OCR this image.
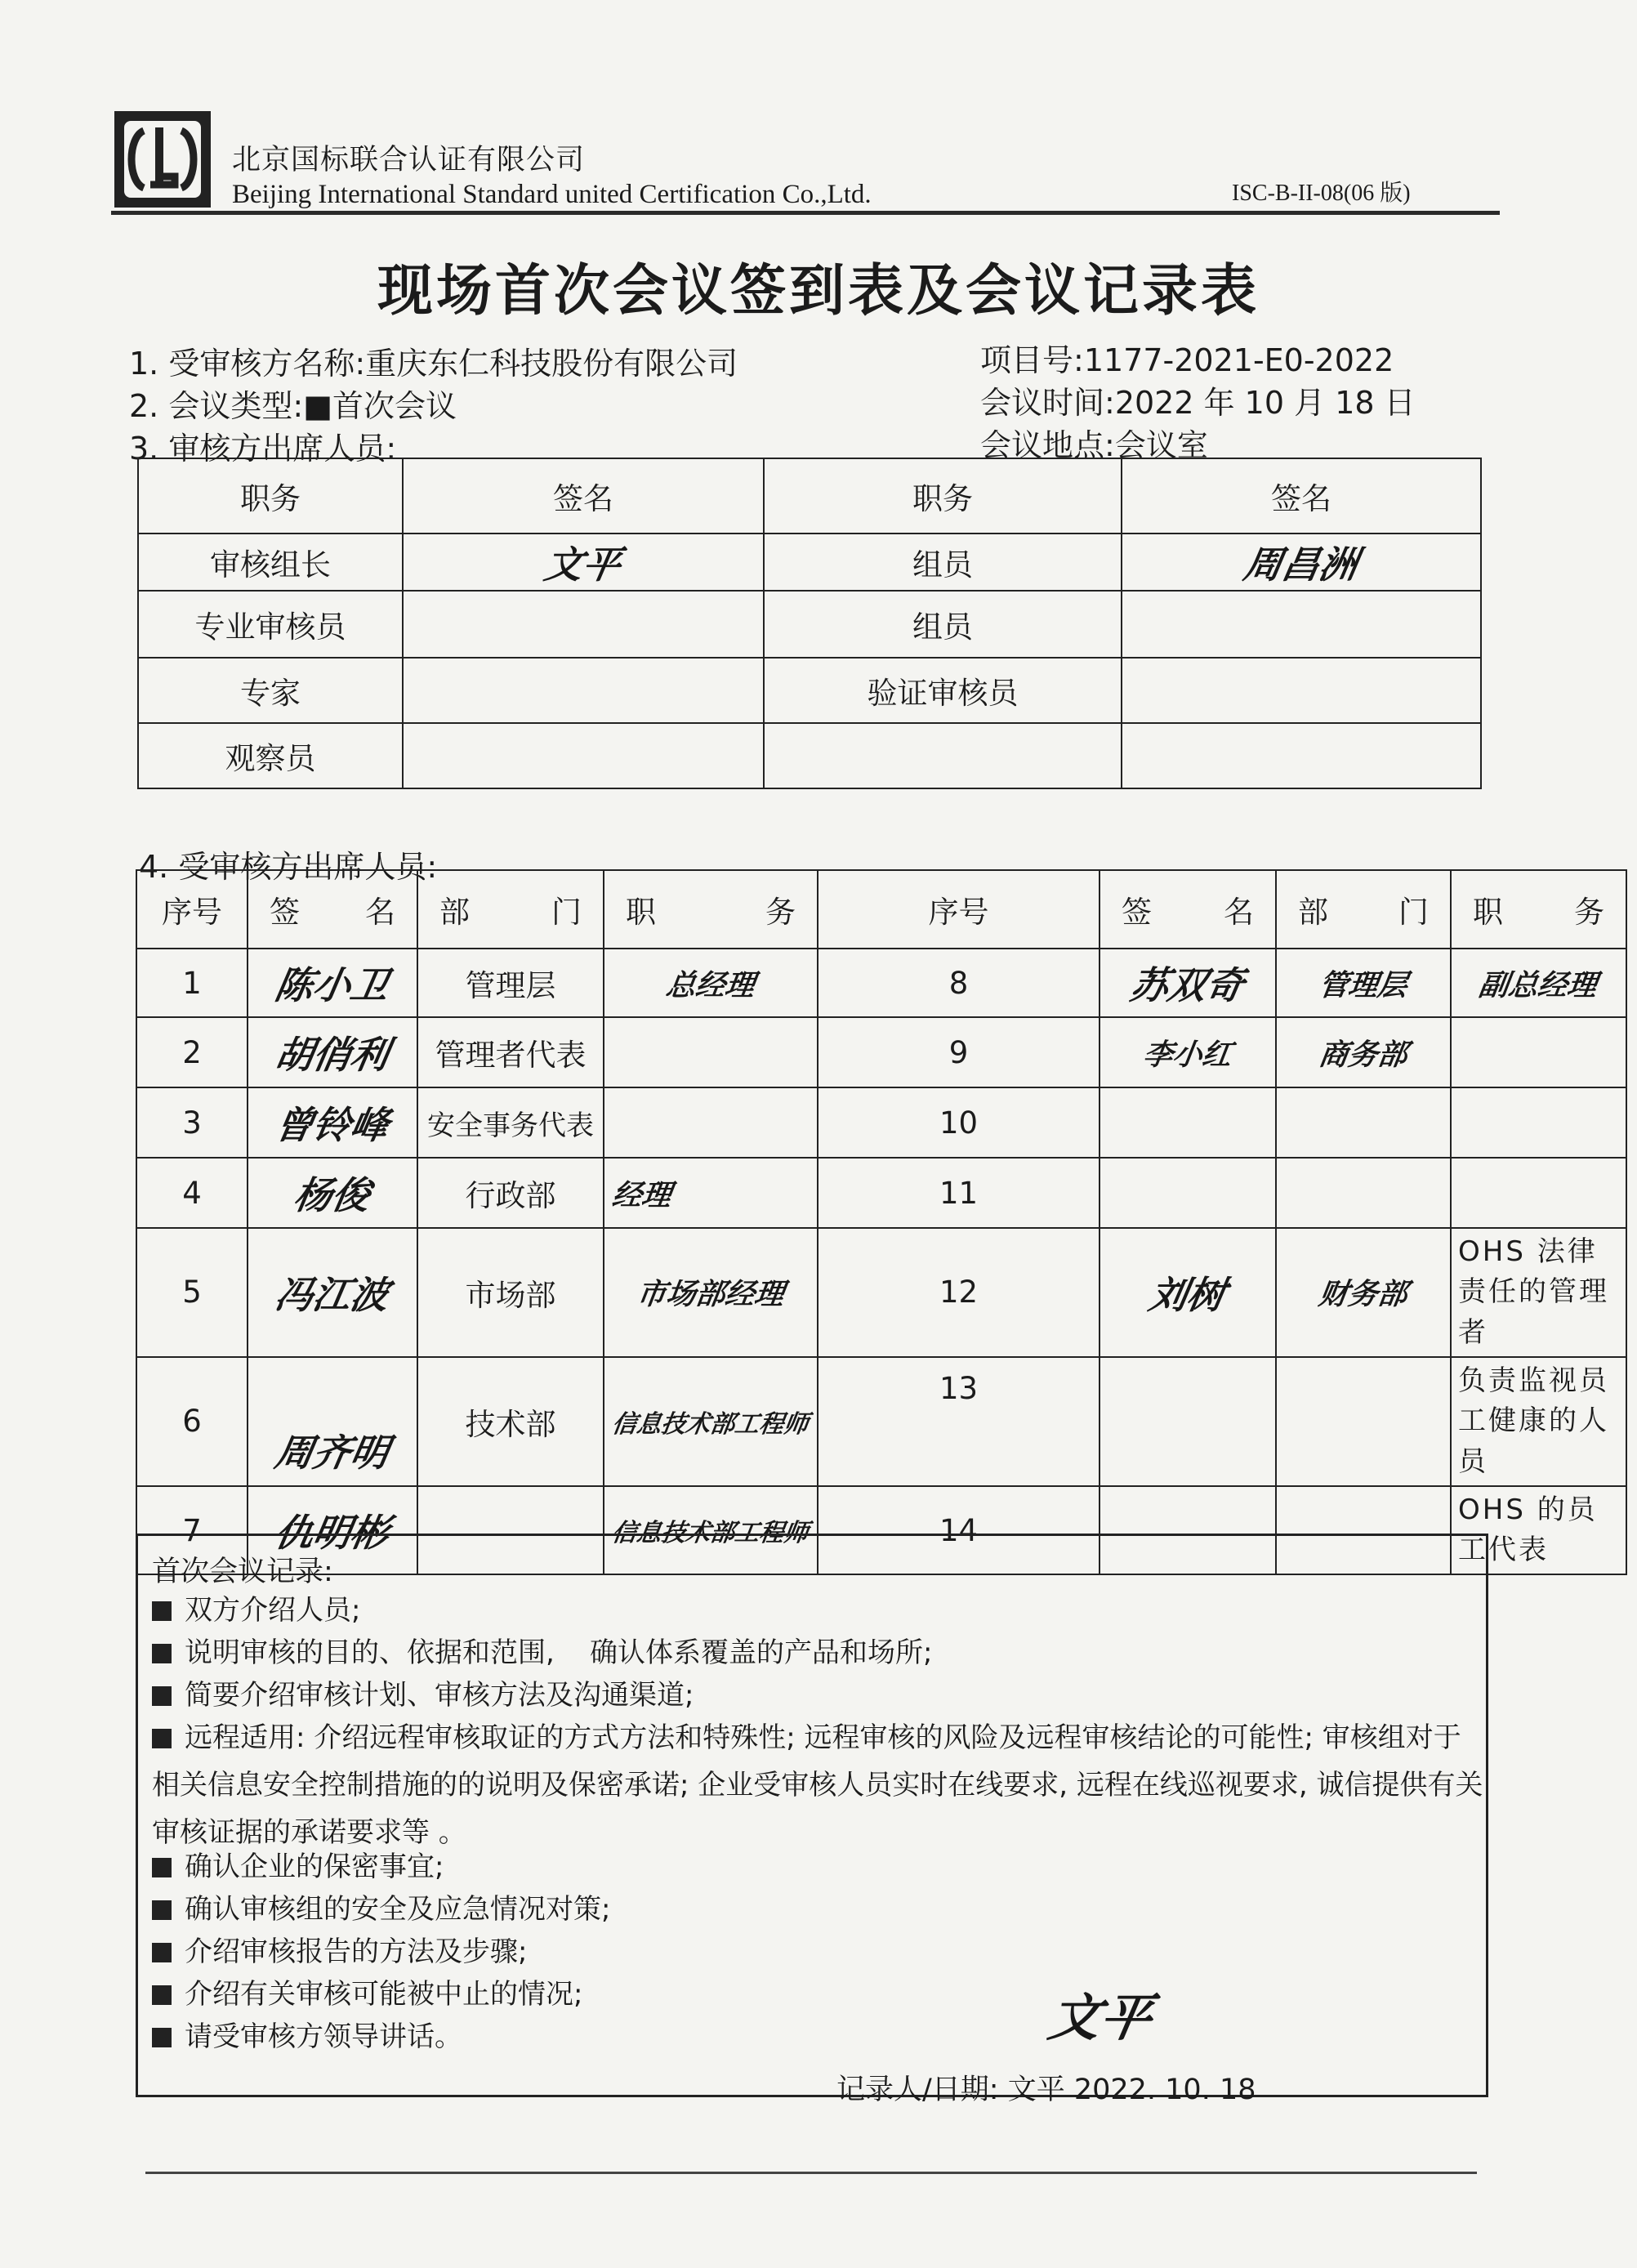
北京国标联合认证有限公司
Beijing International Standard united Certification Co.,Ltd.	ISC-B-II-08(06 版)
现场首次会议签到表及会议记录表
1. 受审核方名称:重庆东仁科技股份有限公司
2. 会议类型:■首次会议
3. 审核方出席人员:
项目号:1177-2021-E0-2022
会议时间:2022 年 10 月 18 日
会议地点:会议室
职务	签名	职务	签名
审核组长	文平	组员	周昌洲
专业审核员		组员	
专家		验证审核员	
观察员			
4. 受审核方出席人员:
序号	签名	部门	职务	序号	签名	部门	职务
1	陈小卫	管理层	总经理	8	苏双奇	管理层	副总经理
2	胡俏利	管理者代表		9	李小红	商务部	
3	曾铃峰	安全事务代表		10			
4	杨俊	行政部	经理	11			
5	冯江波	市场部	市场部经理	12	刘树	财务部	OHS 法律责任的管理者
6	周齐明	技术部	信息技术部工程师	13			负责监视员工健康的人员
7	仇明彬		信息技术部工程师	14			OHS 的员工代表
首次会议记录:
双方介绍人员;
说明审核的目的、依据和范围,    确认体系覆盖的产品和场所;
简要介绍审核计划、审核方法及沟通渠道;
远程适用: 介绍远程审核取证的方式方法和特殊性; 远程审核的风险及远程审核结论的可能性; 审核组对于相关信息安全控制措施的的说明及保密承诺; 企业受审核人员实时在线要求, 远程在线巡视要求, 诚信提供有关审核证据的承诺要求等 。
确认企业的保密事宜;
确认审核组的安全及应急情况对策;
介绍审核报告的方法及步骤;
介绍有关审核可能被中止的情况;
请受审核方领导讲话。	文平
记录人/日期: 文平 2022. 10. 18
